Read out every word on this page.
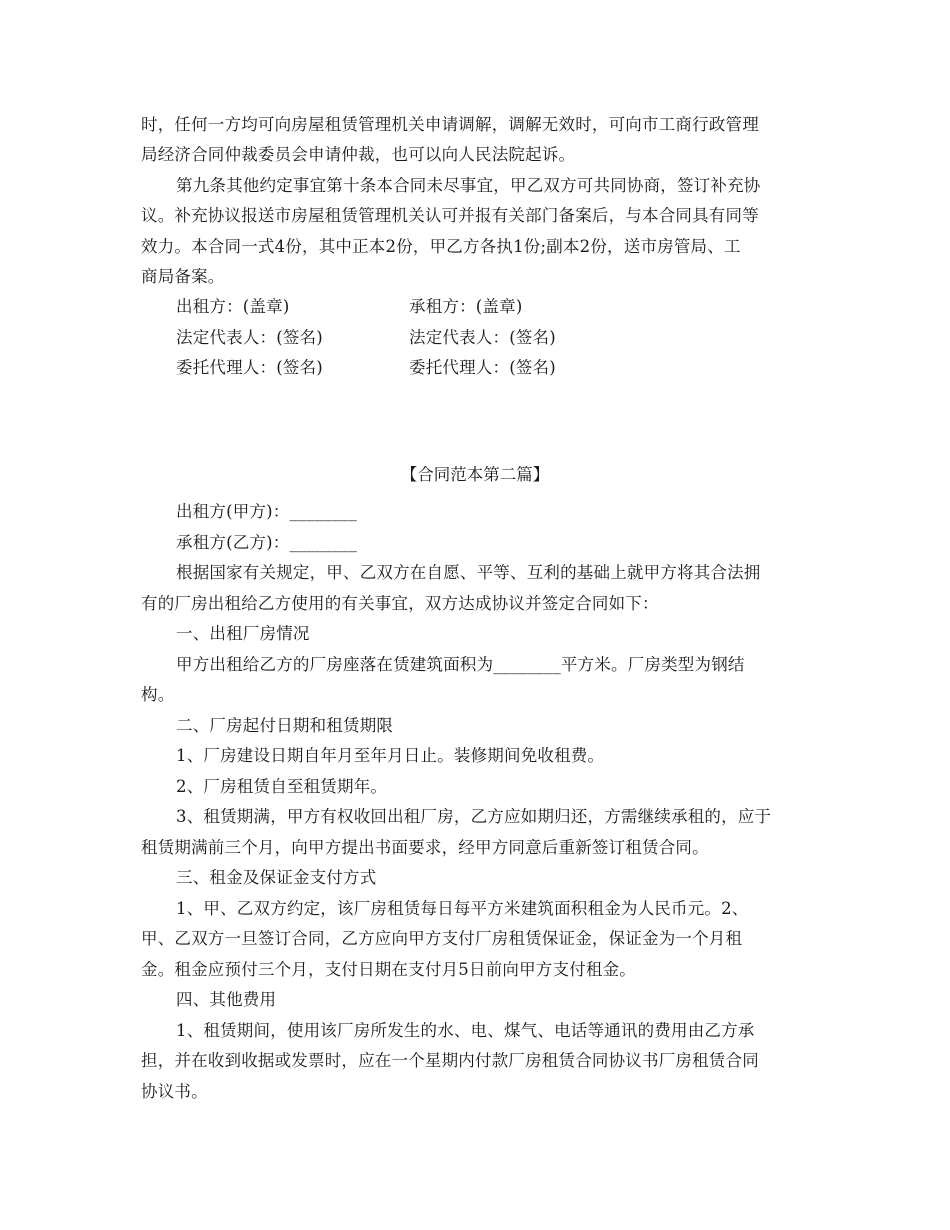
时，任何一方均可向房屋租赁管理机关申请调解，调解无效时，可向市工商行政管理
局经济合同仲裁委员会申请仲裁，也可以向人民法院起诉。
第九条其他约定事宜第十条本合同未尽事宜，甲乙双方可共同协商，签订补充协
议。补充协议报送市房屋租赁管理机关认可并报有关部门备案后，与本合同具有同等
效力。本合同一式4份，其中正本2份，甲乙方各执1份;副本2份，送市房管局、工
商局备案。
出租方：(盖章)	承租方：(盖章)
法定代表人：(签名)	法定代表人：(签名)
委托代理人：(签名)	委托代理人：(签名)
【合同范本第二篇】
出租方(甲方)：________
承租方(乙方)：________
根据国家有关规定，甲、乙双方在自愿、平等、互利的基础上就甲方将其合法拥
有的厂房出租给乙方使用的有关事宜，双方达成协议并签定合同如下：
一、出租厂房情况
甲方出租给乙方的厂房座落在赁建筑面积为________平方米。厂房类型为钢结
构。
二、厂房起付日期和租赁期限
1、厂房建设日期自年月至年月日止。装修期间免收租费。
2、厂房租赁自至租赁期年。
3、租赁期满，甲方有权收回出租厂房，乙方应如期归还，方需继续承租的，应于
租赁期满前三个月，向甲方提出书面要求，经甲方同意后重新签订租赁合同。
三、租金及保证金支付方式
1、甲、乙双方约定，该厂房租赁每日每平方米建筑面积租金为人民币元。2、
甲、乙双方一旦签订合同，乙方应向甲方支付厂房租赁保证金，保证金为一个月租
金。租金应预付三个月，支付日期在支付月5日前向甲方支付租金。
四、其他费用
1、租赁期间，使用该厂房所发生的水、电、煤气、电话等通讯的费用由乙方承
担，并在收到收据或发票时，应在一个星期内付款厂房租赁合同协议书厂房租赁合同
协议书。
